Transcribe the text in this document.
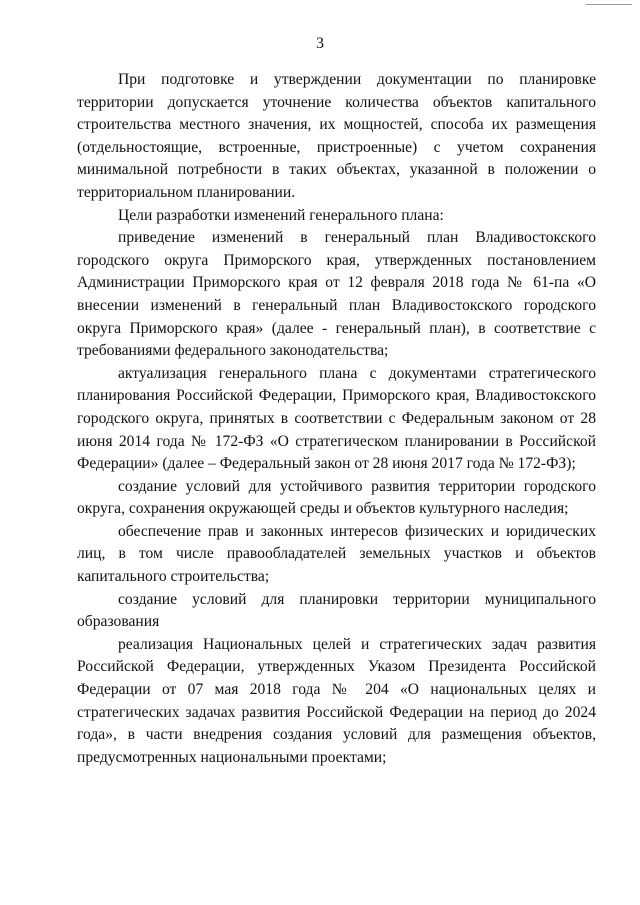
3

При подготовке и утверждении документации по планировке территории допускается уточнение количества объектов капитального строительства местного значения, их мощностей, способа их размещения (отдельностоящие, встроенные, пристроенные) с учетом сохранения минимальной потребности в таких объектах, указанной в положении о территориальном планировании.

Цели разработки изменений генерального плана:

приведение изменений в генеральный план Владивостокского городского округа Приморского края, утвержденных постановлением Администрации Приморского края от 12 февраля 2018 года № 61-па «О внесении изменений в генеральный план Владивостокского городского округа Приморского края» (далее - генеральный план), в соответствие с требованиями федерального законодательства;

актуализация генерального плана с документами стратегического планирования Российской Федерации, Приморского края, Владивостокского городского округа, принятых в соответствии с Федеральным законом от 28 июня 2014 года № 172-ФЗ «О стратегическом планировании в Российской Федерации» (далее – Федеральный закон от 28 июня 2017 года № 172-ФЗ);

создание условий для устойчивого развития территории городского округа, сохранения окружающей среды и объектов культурного наследия;

обеспечение прав и законных интересов физических и юридических лиц, в том числе правообладателей земельных участков и объектов капитального строительства;

создание условий для планировки территории муниципального образования

реализация Национальных целей и стратегических задач развития Российской Федерации, утвержденных Указом Президента Российской Федерации от 07 мая 2018 года № 204 «О национальных целях и стратегических задачах развития Российской Федерации на период до 2024 года», в части внедрения создания условий для размещения объектов, предусмотренных национальными проектами;
